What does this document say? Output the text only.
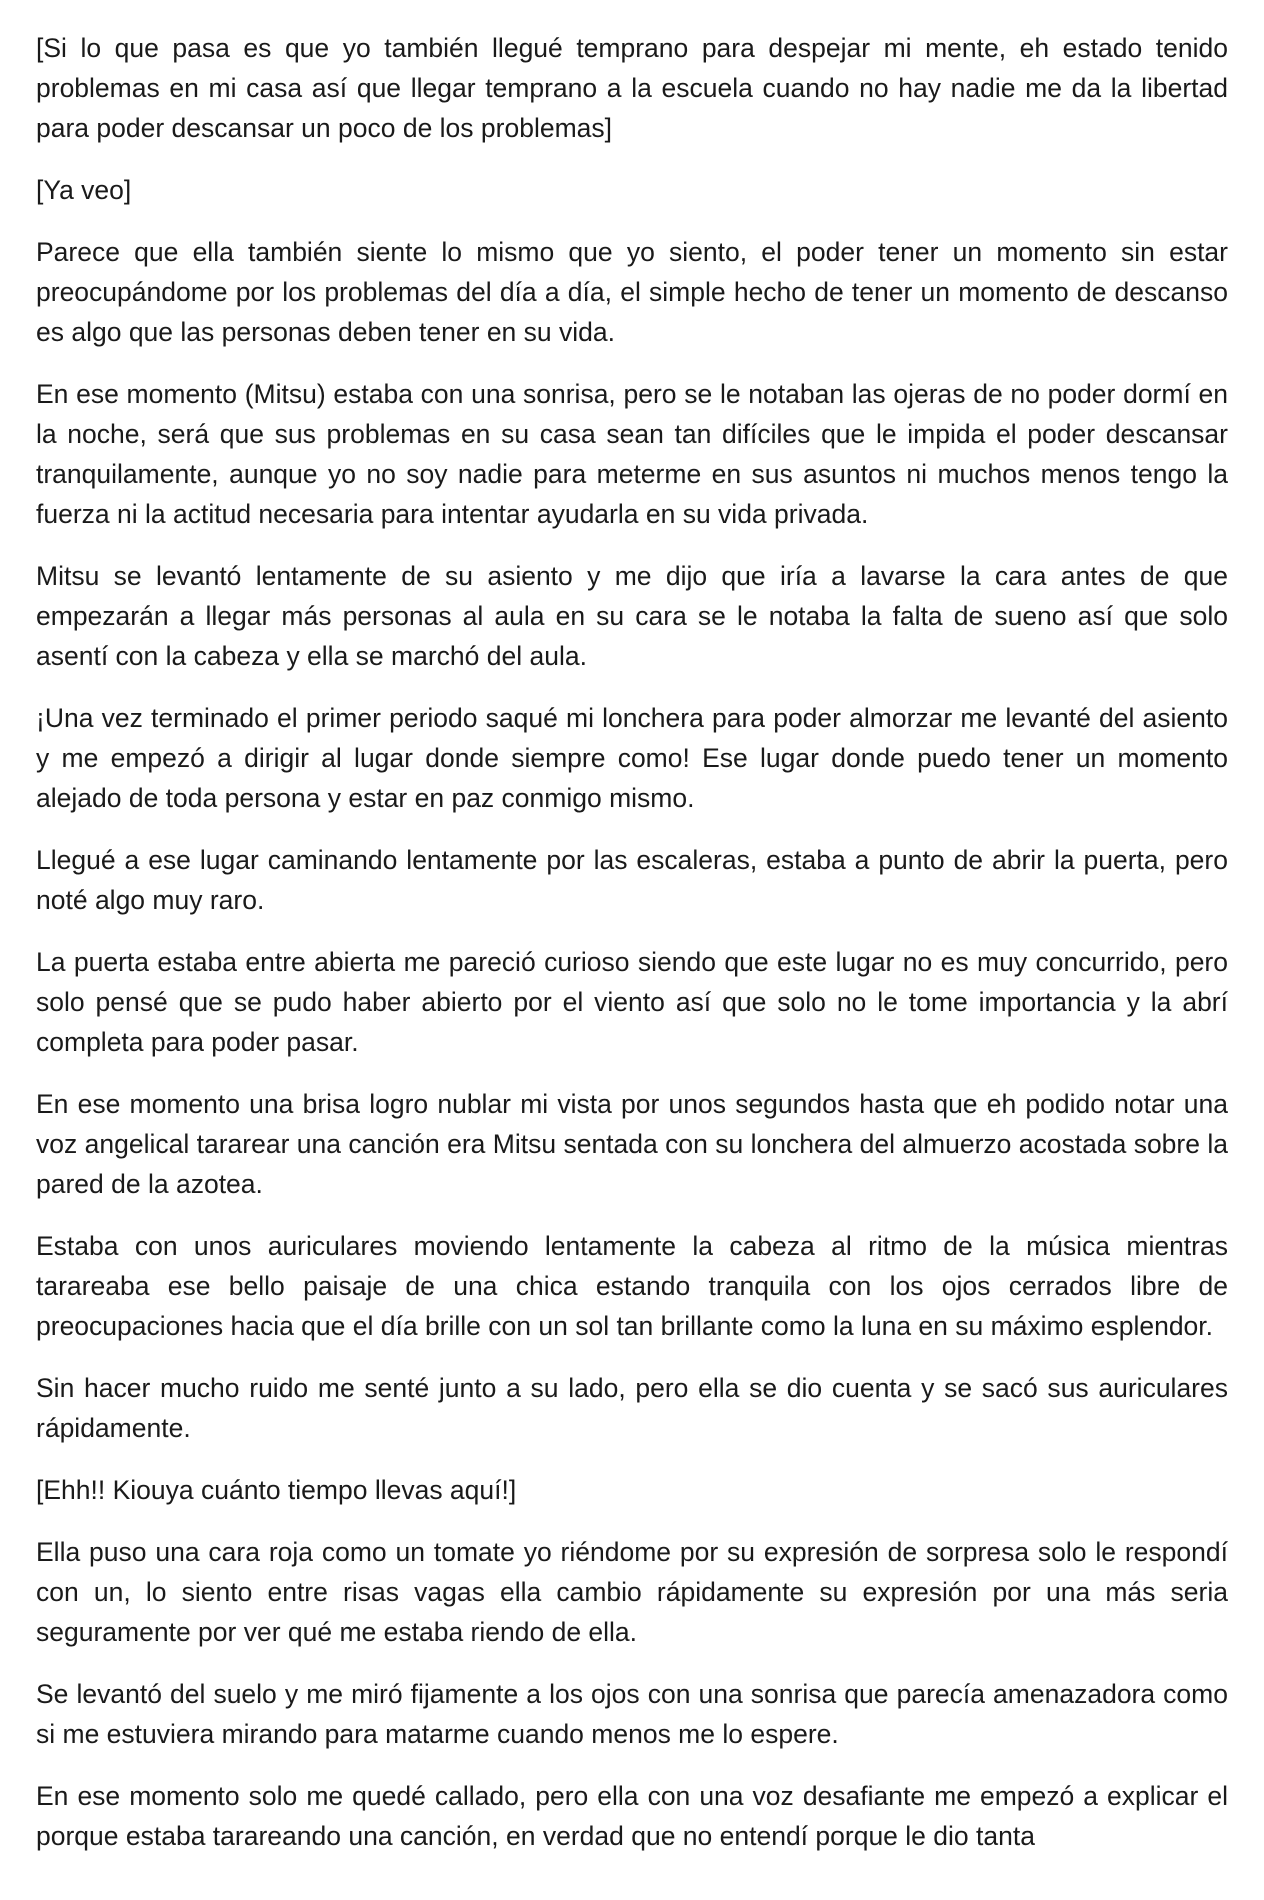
[Si lo que pasa es que yo también llegué temprano para despejar mi mente, eh estado tenido problemas en mi casa así que llegar temprano a la escuela cuando no hay nadie me da la libertad para poder descansar un poco de los problemas]

[Ya veo]

Parece que ella también siente lo mismo que yo siento, el poder tener un momento sin estar preocupándome por los problemas del día a día, el simple hecho de tener un momento de descanso es algo que las personas deben tener en su vida.

En ese momento (Mitsu) estaba con una sonrisa, pero se le notaban las ojeras de no poder dormí en la noche, será que sus problemas en su casa sean tan difíciles que le impida el poder descansar tranquilamente, aunque yo no soy nadie para meterme en sus asuntos ni muchos menos tengo la fuerza ni la actitud necesaria para intentar ayudarla en su vida privada.

Mitsu se levantó lentamente de su asiento y me dijo que iría a lavarse la cara antes de que empezarán a llegar más personas al aula en su cara se le notaba la falta de sueno así que solo asentí con la cabeza y ella se marchó del aula.

¡Una vez terminado el primer periodo saqué mi lonchera para poder almorzar me levanté del asiento y me empezó a dirigir al lugar donde siempre como! Ese lugar donde puedo tener un momento alejado de toda persona y estar en paz conmigo mismo.

Llegué a ese lugar caminando lentamente por las escaleras, estaba a punto de abrir la puerta, pero noté algo muy raro.

La puerta estaba entre abierta me pareció curioso siendo que este lugar no es muy concurrido, pero solo pensé que se pudo haber abierto por el viento así que solo no le tome importancia y la abrí completa para poder pasar.

En ese momento una brisa logro nublar mi vista por unos segundos hasta que eh podido notar una voz angelical tararear una canción era Mitsu sentada con su lonchera del almuerzo acostada sobre la pared de la azotea.

Estaba con unos auriculares moviendo lentamente la cabeza al ritmo de la música mientras tarareaba ese bello paisaje de una chica estando tranquila con los ojos cerrados libre de preocupaciones hacia que el día brille con un sol tan brillante como la luna en su máximo esplendor.

Sin hacer mucho ruido me senté junto a su lado, pero ella se dio cuenta y se sacó sus auriculares rápidamente.

[Ehh!! Kiouya cuánto tiempo llevas aquí!]

Ella puso una cara roja como un tomate yo riéndome por su expresión de sorpresa solo le respondí con un, lo siento entre risas vagas ella cambio rápidamente su expresión por una más seria seguramente por ver qué me estaba riendo de ella.

Se levantó del suelo y me miró fijamente a los ojos con una sonrisa que parecía amenazadora como si me estuviera mirando para matarme cuando menos me lo espere.

En ese momento solo me quedé callado, pero ella con una voz desafiante me empezó a explicar el porque estaba tarareando una canción, en verdad que no entendí porque le dio tanta
